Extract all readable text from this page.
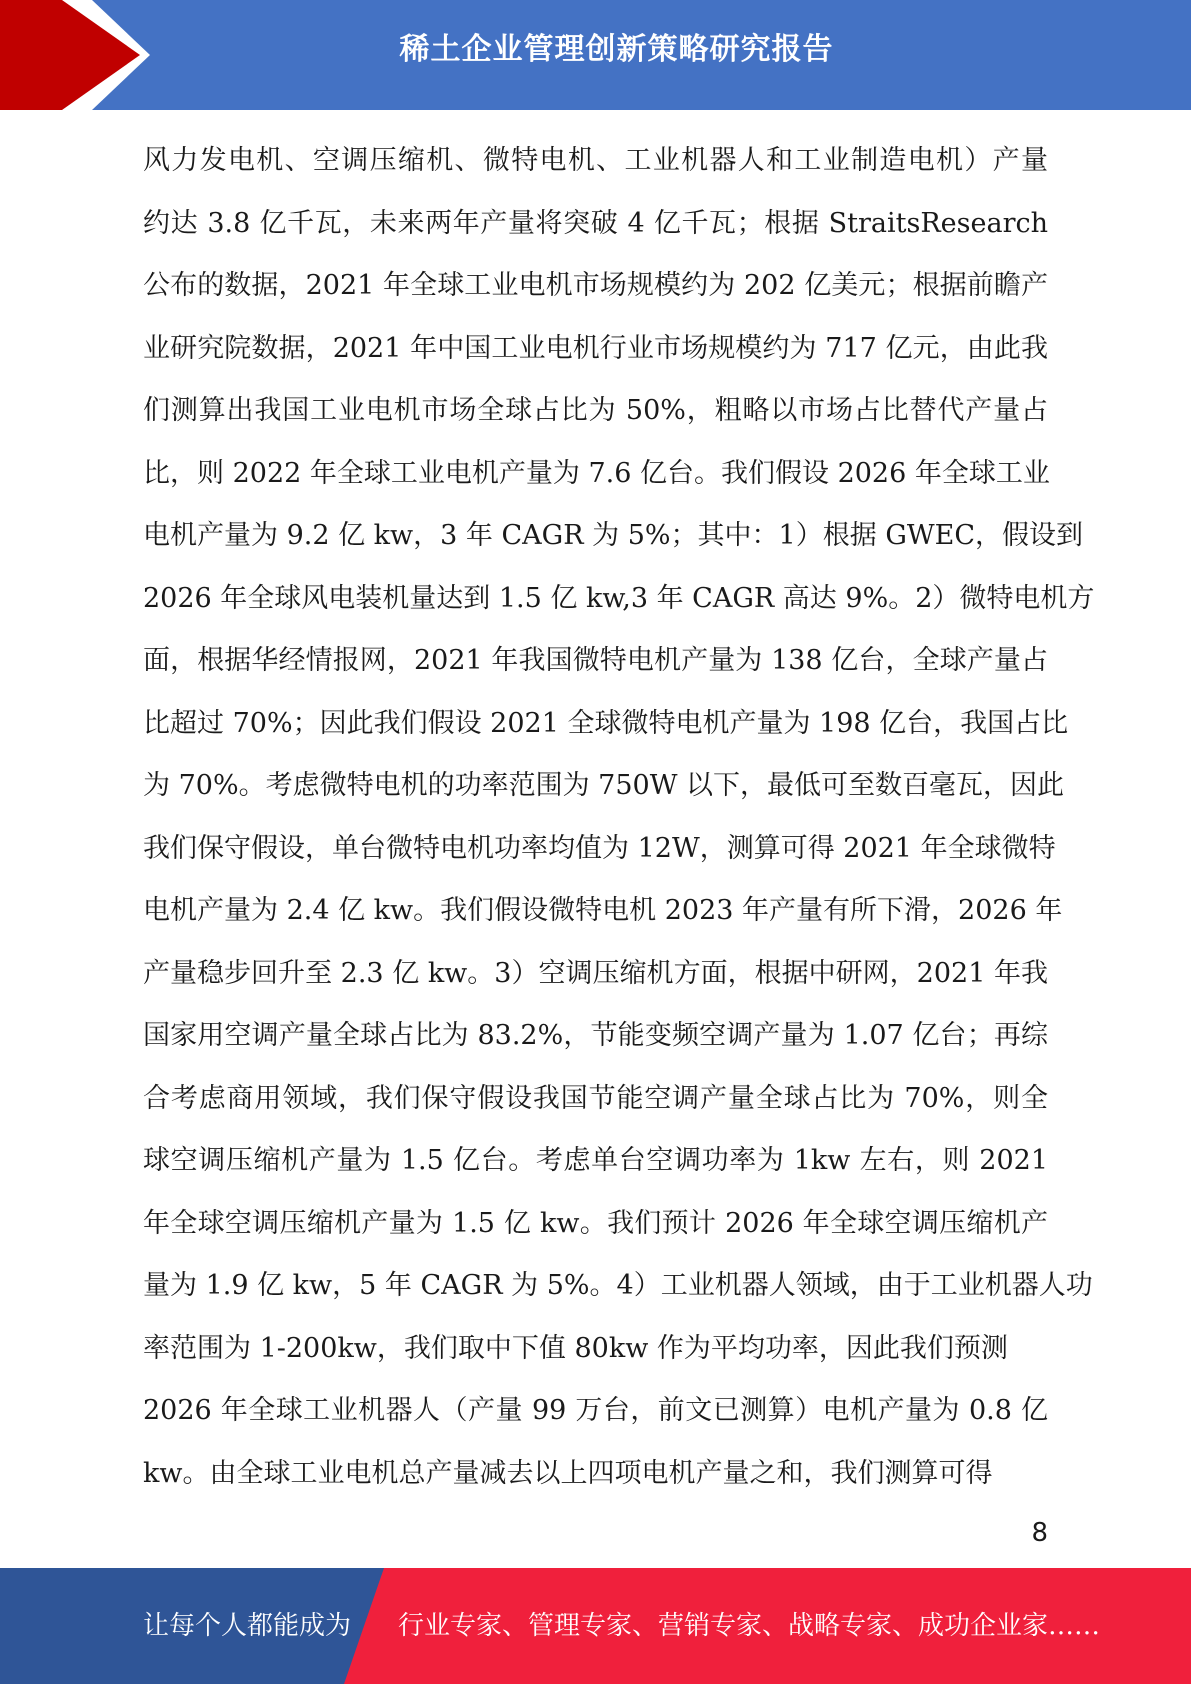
稀土企业管理创新策略研究报告

风力发电机、空调压缩机、微特电机、工业机器人和工业制造电机）产量

约达 3.8 亿千瓦，未来两年产量将突破 4 亿千瓦；根据 StraitsResearch

公布的数据，2021 年全球工业电机市场规模约为 202 亿美元；根据前瞻产

业研究院数据，2021 年中国工业电机行业市场规模约为 717 亿元，由此我

们测算出我国工业电机市场全球占比为 50%，粗略以市场占比替代产量占

比，则 2022 年全球工业电机产量为 7.6 亿台。我们假设 2026 年全球工业

电机产量为 9.2 亿 kw，3 年 CAGR 为 5%；其中：1）根据 GWEC，假设到

2026 年全球风电装机量达到 1.5 亿 kw,3 年 CAGR 高达 9%。2）微特电机方

面，根据华经情报网，2021 年我国微特电机产量为 138 亿台，全球产量占

比超过 70%；因此我们假设 2021 全球微特电机产量为 198 亿台，我国占比

为 70%。考虑微特电机的功率范围为 750W 以下，最低可至数百毫瓦，因此

我们保守假设，单台微特电机功率均值为 12W，测算可得 2021 年全球微特

电机产量为 2.4 亿 kw。我们假设微特电机 2023 年产量有所下滑，2026 年

产量稳步回升至 2.3 亿 kw。3）空调压缩机方面，根据中研网，2021 年我

国家用空调产量全球占比为 83.2%，节能变频空调产量为 1.07 亿台；再综

合考虑商用领域，我们保守假设我国节能空调产量全球占比为 70%，则全

球空调压缩机产量为 1.5 亿台。考虑单台空调功率为 1kw 左右，则 2021

年全球空调压缩机产量为 1.5 亿 kw。我们预计 2026 年全球空调压缩机产

量为 1.9 亿 kw，5 年 CAGR 为 5%。4）工业机器人领域，由于工业机器人功

率范围为 1-200kw，我们取中下值 80kw 作为平均功率，因此我们预测

2026 年全球工业机器人（产量 99 万台，前文已测算）电机产量为 0.8 亿

kw。由全球工业电机总产量减去以上四项电机产量之和，我们测算可得

8
让每个人都能成为 行业专家、管理专家、营销专家、战略专家、成功企业家……
